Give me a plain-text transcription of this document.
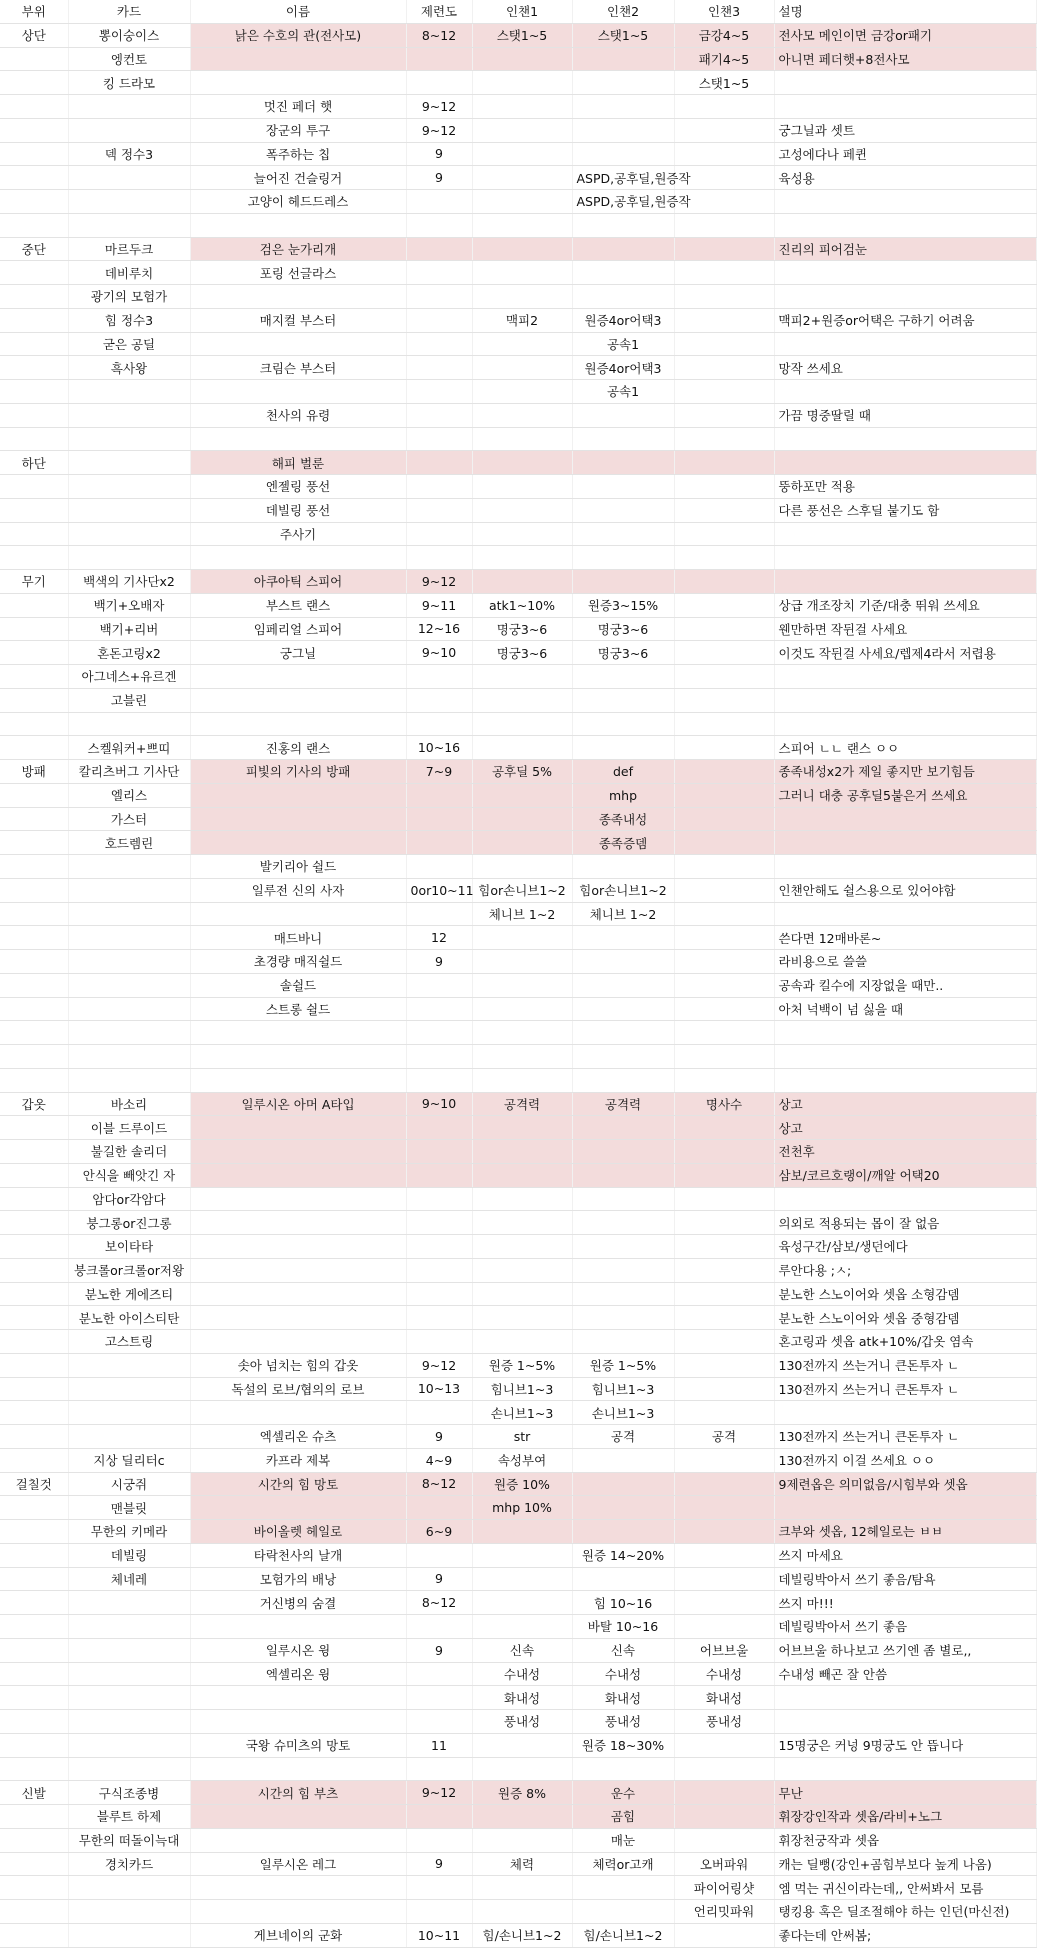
부위	카드	이름	제련도	인챈1	인챈2	인챈3	설명
상단	뽕이숭이스	낡은 수호의 관(전사모)	8~12	스탯1~5	스탯1~5	금강4~5	전사모 메인이면 금강or패기
	엥컨토					패기4~5	아니면 페더햇+8전사모
	킹 드라모					스탯1~5	
		멋진 페더 햇	9~12				
		장군의 투구	9~12				궁그닐과 셋트
	덱 정수3	폭주하는 칩	9				고성에다나 페퀸
		늘어진 건슬링거	9		ASPD,공후딜,원증작		육성용
		고양이 헤드드레스			ASPD,공후딜,원증작		

중단	마르두크	검은 눈가리개					진리의 피어검눈
	데비루치	포링 선글라스					
	광기의 모험가						
	힘 정수3	매지컬 부스터		맥피2	원증4or어택3		맥피2+원증or어택은 구하기 어려움
	굳은 공딜				공속1		
	흑사왕	크림슨 부스터			원증4or어택3		망작 쓰세요
					공속1		
		천사의 유령					가끔 명중딸릴 때

하단		해피 벌룬					
		엔젤링 풍선					뚱하포만 적용
		데빌링 풍선					다른 풍선은 스후딜 붙기도 함
		주사기					

무기	백색의 기사단x2	아쿠아틱 스피어	9~12				
	백기+오배자	부스트 랜스	9~11	atk1~10%	원증3~15%		상급 개조장치 기준/대충 뛰워 쓰세요
	백기+리버	임페리얼 스피어	12~16	명궁3~6	명궁3~6		웬만하면 작뒨걸 사세요
	혼돈고링x2	궁그닐	9~10	명궁3~6	명궁3~6		이것도 작뒨걸 사세요/렙제4라서 저렵용
	아그네스+유르겐						
	고블린						

	스켈워커+쁘띠	진홍의 랜스	10~16				스피어 ㄴㄴ 랜스 ㅇㅇ
방패	칼리츠버그 기사단	피빛의 기사의 방패	7~9	공후딜 5%	def		종족내성x2가 제일 좋지만 보기힘듬
	엘리스				mhp		그러니 대충 공후딜5붙은거 쓰세요
	가스터				종족내성		
	호드렘린				종족증뎀		
		발키리아 쉴드					
		일루전 신의 사자	0or10~11	힘or손니브1~2	힘or손니브1~2		인챈안해도 쉴스용으로 있어야함
				체니브 1~2	체니브 1~2		
		매드바니	12				쓴다면 12매바론~
		초경량 매직쉴드	9				라비용으로 쓸쓸
		솔쉴드					공속과 킬수에 지장없을 때만..
		스트롱 쉴드					아처 넉백이 넘 싫을 때

갑옷	바소리	일루시온 아머 A타입	9~10	공격력	공격력	명사수	상고
	이블 드루이드						상고
	불길한 솔리더						전천후
	안식을 빼앗긴 자						삼보/코르호랭이/깨알 어택20
	암다or각암다						
	붕그롱or진그롱						의외로 적용되는 몹이 잘 없음
	보이타타						육성구간/삼보/생던에다
	붕크롤or크롤or저왕						루안다용 ;ㅅ;
	분노한 게에즈티						분노한 스노이어와 셋옵 소형감뎀
	분노한 아이스티탄						분노한 스노이어와 셋옵 중형감뎀
	고스트링						혼고링과 셋옵 atk+10%/갑옷 염속
		솟아 넘치는 힘의 갑옷	9~12	원증 1~5%	원증 1~5%		130전까지 쓰는거니 큰돈투자 ㄴ
		독설의 로브/협의의 로브	10~13	힘니브1~3	힘니브1~3		130전까지 쓰는거니 큰돈투자 ㄴ
				손니브1~3	손니브1~3		
		엑셀리온 슈츠	9	str	공격	공격	130전까지 쓰는거니 큰돈투자 ㄴ
	지상 딜리터c	카프라 제복	4~9	속성부여			130전까지 이걸 쓰세요 ㅇㅇ
걸칠것	시궁쥐	시간의 힘 망토	8~12	원증 10%			9제련옵은 의미없음/시힘부와 셋옵
	맨블릿			mhp 10%			
	무한의 키메라	바이올렛 헤일로	6~9				크부와 셋옵, 12헤일로는 ㅂㅂ
	데빌링	타락천사의 날개			원증 14~20%		쓰지 마세요
	체네레	모험가의 배낭	9				데빌링박아서 쓰기 좋음/탐욕
		거신병의 숨결	8~12		힘 10~16		쓰지 마!!!
					바탈 10~16		데빌링박아서 쓰기 좋음
		일루시온 윙	9	신속	신속	어브브울	어브브울 하나보고 쓰기엔 좀 별로,,
		엑셀리온 윙		수내성	수내성	수내성	수내성 빼곤 잘 안씀
				화내성	화내성	화내성	
				풍내성	풍내성	풍내성	
		국왕 슈미츠의 망토	11		원증 18~30%		15명궁은 커넝 9명궁도 안 뜹니다

신발	구식조종병	시간의 힘 부츠	9~12	원증 8%	운수		무난
	블루트 하제				곰힘		휘장강인작과 셋옵/라비+노그
	무한의 떠돌이늑대				매눈		휘장천궁작과 셋옵
	경치카드	일루시온 레그	9	체력	체력or고캐	오버파워	캐는 딜뻥(강인+곰힘부보다 높게 나옴)
						파이어링샷	엠 먹는 귀신이라는데,, 안써봐서 모름
						언리밋파워	탱킹용 혹은 딜조절해야 하는 인던(마신전)
		게브네이의 군화	10~11	힘/손니브1~2	힘/손니브1~2		좋다는데 안써봄;
